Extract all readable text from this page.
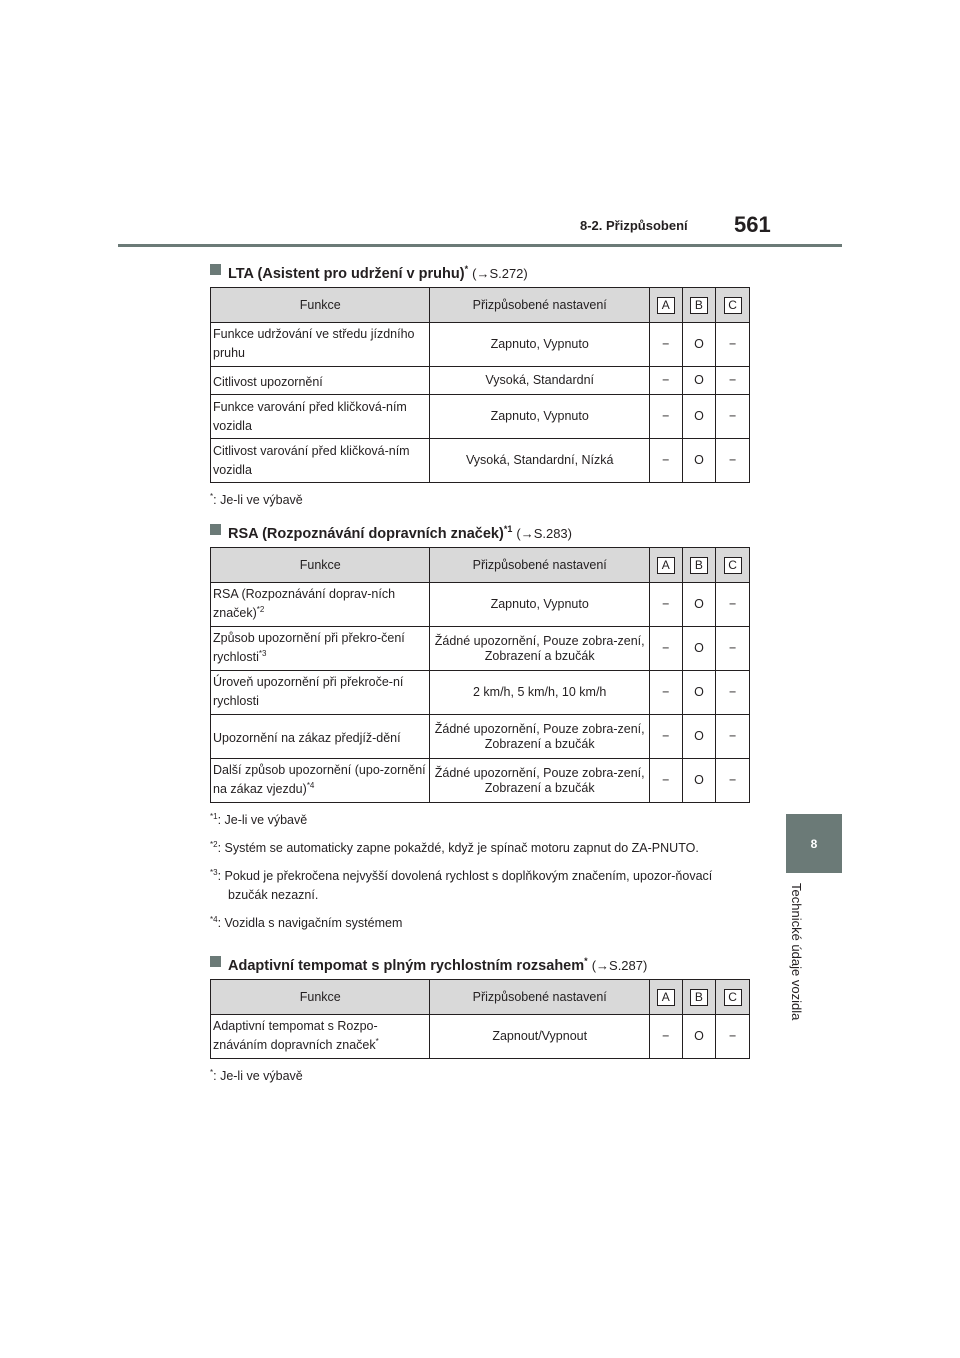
8-2. Přizpůsobení 561
8
Technické údaje vozidla
LTA (Asistent pro udržení v pruhu)* (→S.272)
Funkce	Přizpůsobené nastavení	A	B	C
Funkce udržování ve středu jízdního pruhu	Zapnuto, Vypnuto	−	O	−
Citlivost upozornění	Vysoká, Standardní	−	O	−
Funkce varování před kličková-ním vozidla	Zapnuto, Vypnuto	−	O	−
Citlivost varování před kličková-ním vozidla	Vysoká, Standardní, Nízká	−	O	−
*: Je-li ve výbavě
RSA (Rozpoznávání dopravních značek)$^{*1}$ (→S.283)
Funkce	Přizpůsobené nastavení	A	B	C
RSA (Rozpoznávání doprav-ních značek)$^{*2}$	Zapnuto, Vypnuto	−	O	−
Způsob upozornění při překro-čení rychlosti$^{*3}$	Žádné upozornění, Pouze zobra-zení, Zobrazení a bzučák	−	O	−
Úroveň upozornění při překroče-ní rychlosti	2 km/h, 5 km/h, 10 km/h	−	O	−
Upozornění na zákaz předjíž-dění	Žádné upozornění, Pouze zobra-zení, Zobrazení a bzučák	−	O	−
Další způsob upozornění (upo-zornění na zákaz vjezdu)$^{*4}$	Žádné upozornění, Pouze zobra-zení, Zobrazení a bzučák	−	O	−
$^{*1}$: Je-li ve výbavě
$^{*2}$: Systém se automaticky zapne pokaždé, když je spínač motoru zapnut do ZA-PNUTO.
$^{*3}$: Pokud je překročena nejvyšší dovolená rychlost s doplňkovým značením, upozor-ňovací bzučák nezazní.
$^{*4}$: Vozidla s navigačním systémem
Adaptivní tempomat s plným rychlostním rozsahem* (→S.287)
Funkce	Přizpůsobené nastavení	A	B	C
Adaptivní tempomat s Rozpo-znáváním dopravních značek*	Zapnout/Vypnout	−	O	−
*: Je-li ve výbavě
